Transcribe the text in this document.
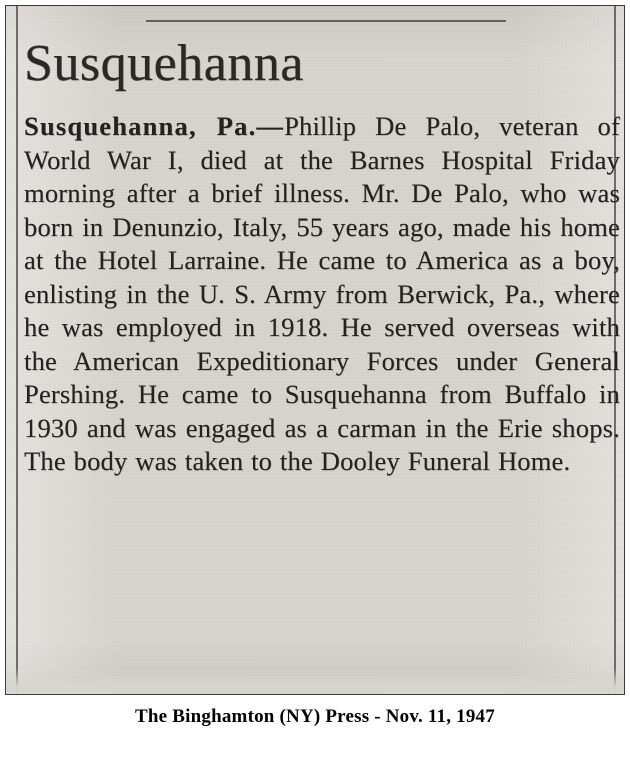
Susquehanna
Susquehanna, Pa.—Phillip De Palo, veteran of World War I, died at the Barnes Hospital Friday morning after a brief illness. Mr. De Palo, who was born in Denunzio, Italy, 55 years ago, made his home at the Hotel Larraine. He came to America as a boy, enlisting in the U. S. Army from Berwick, Pa., where he was employed in 1918. He served overseas with the American Expeditionary Forces under General Pershing. He came to Susquehanna from Buffalo in 1930 and was engaged as a carman in the Erie shops. The body was taken to the Dooley Funeral Home.
The Binghamton (NY) Press - Nov. 11, 1947
